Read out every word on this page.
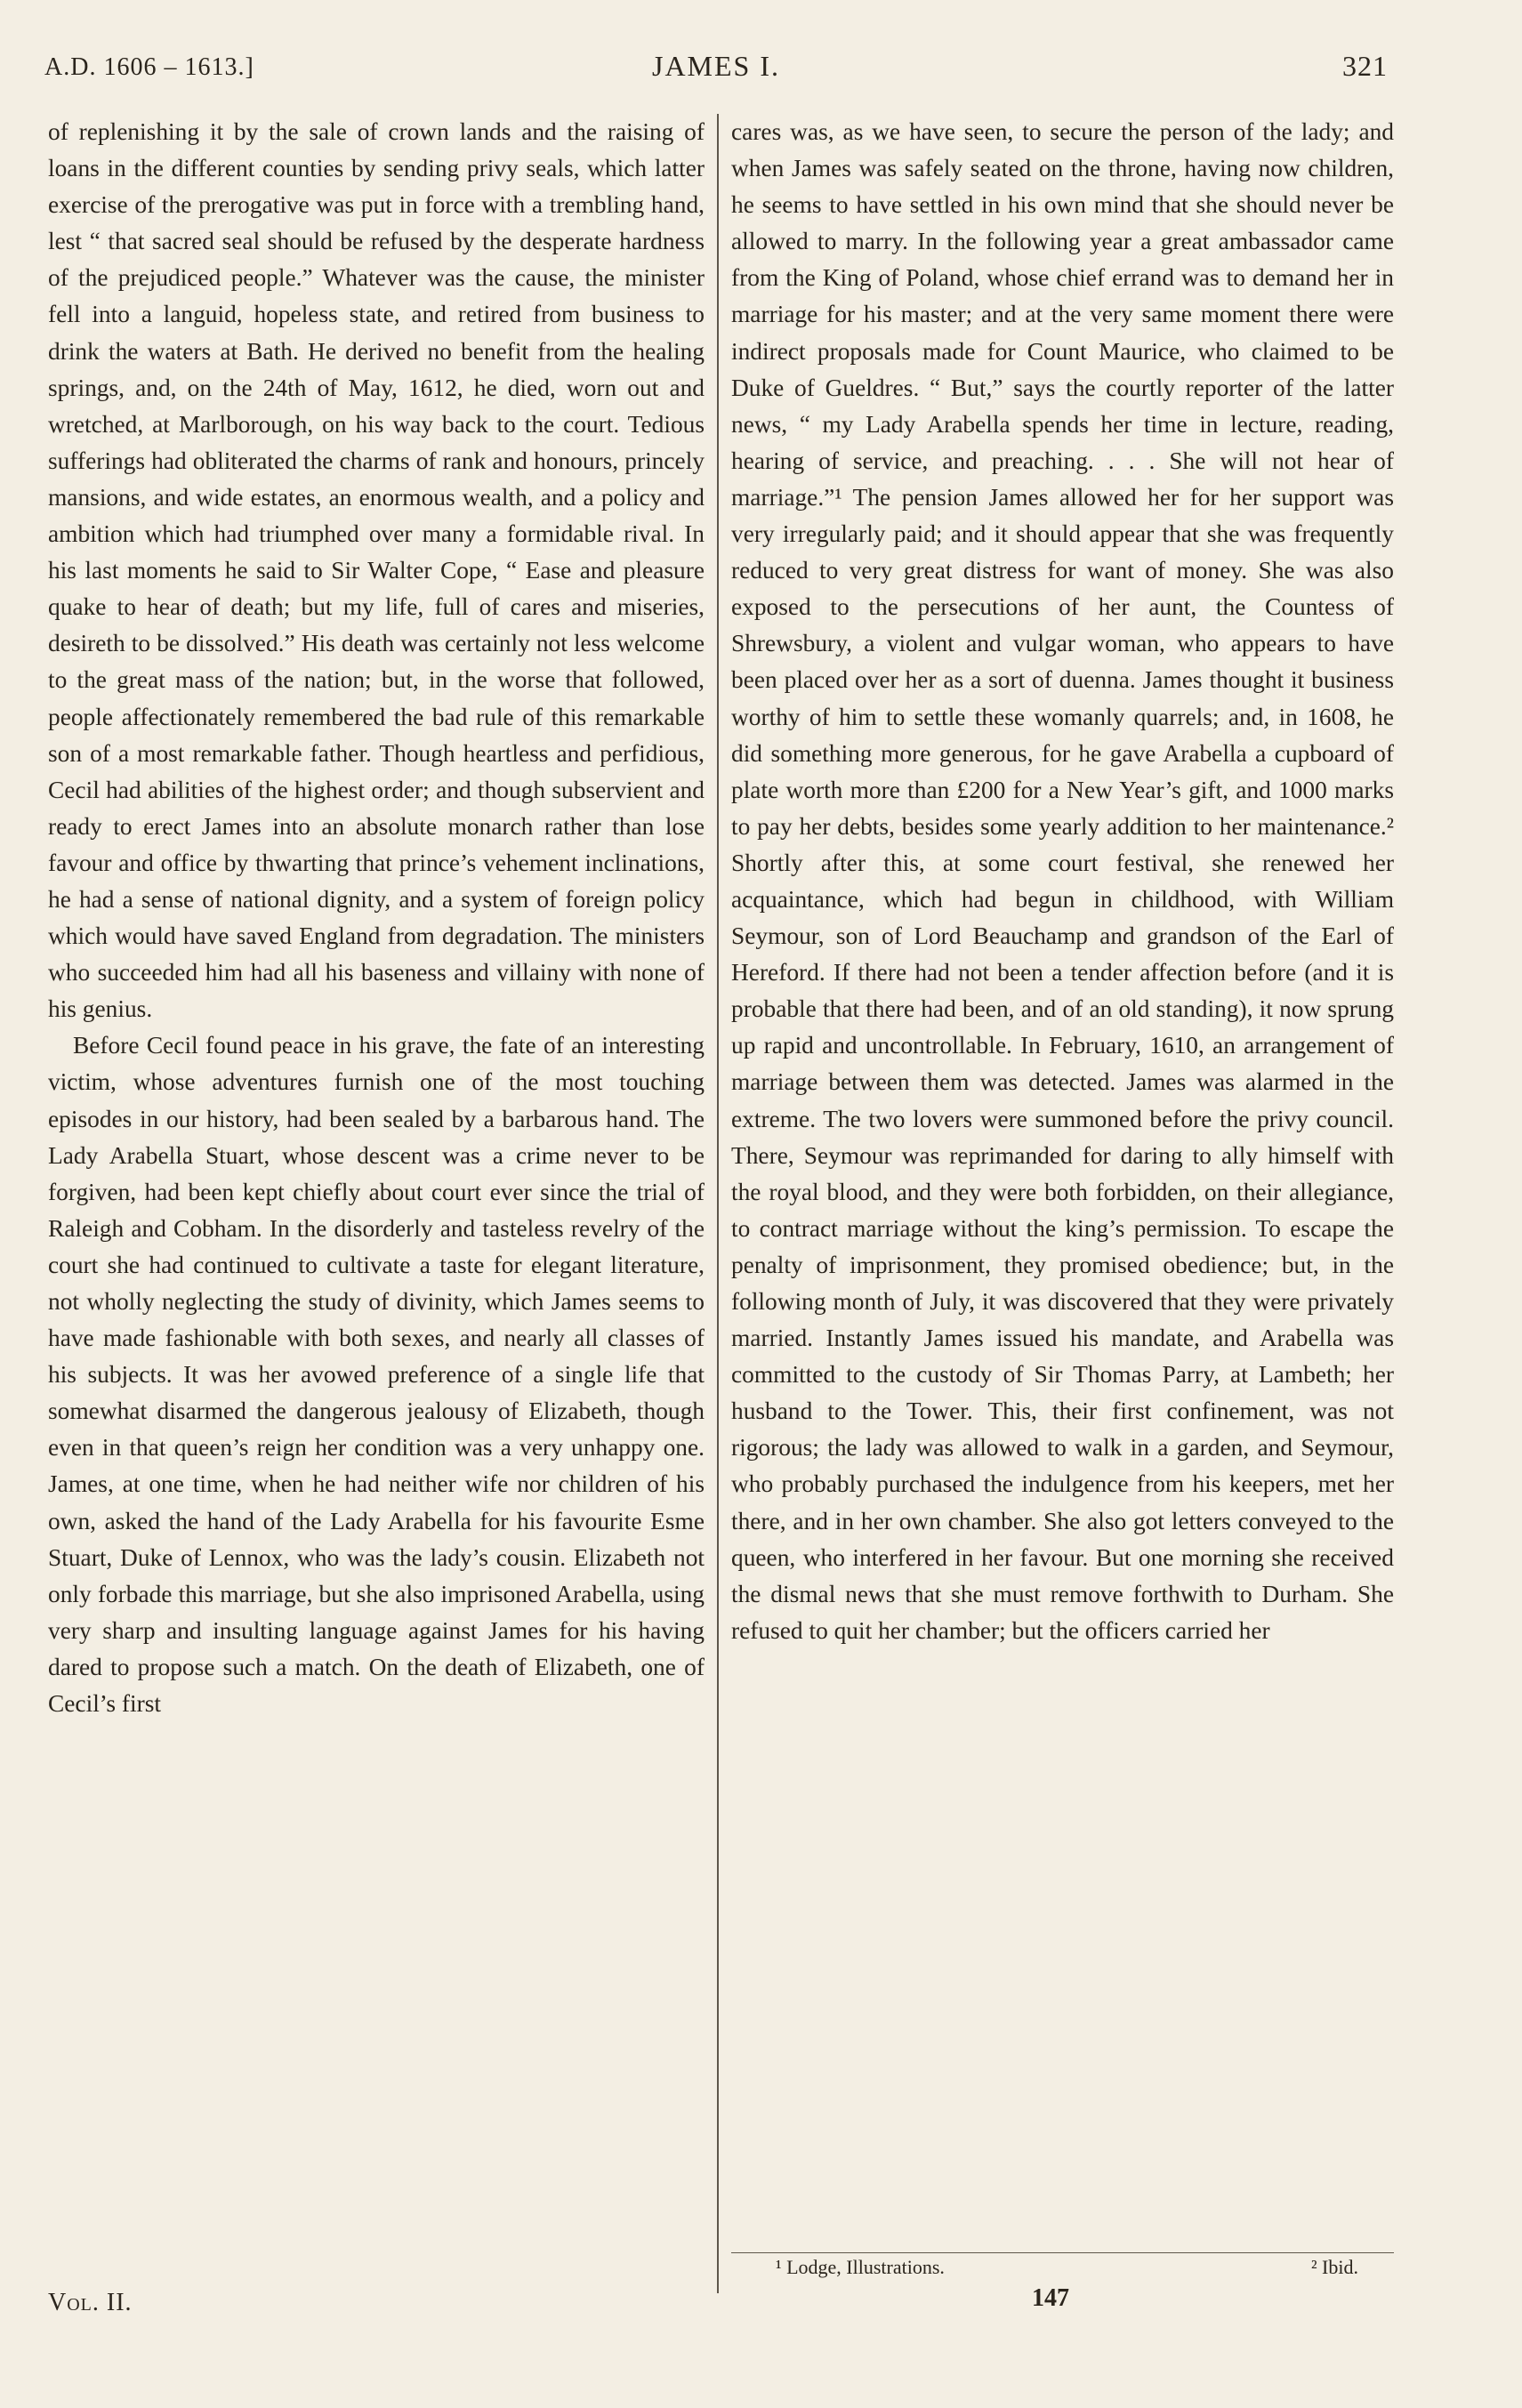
A.D. 1606 – 1613.]	JAMES I.	321

of replenishing it by the sale of crown lands and the raising of loans in the different counties by sending privy seals, which latter exercise of the prerogative was put in force with a trembling hand, lest “ that sacred seal should be refused by the desperate hardness of the prejudiced people.” Whatever was the cause, the minister fell into a languid, hopeless state, and retired from business to drink the waters at Bath. He derived no benefit from the healing springs, and, on the 24th of May, 1612, he died, worn out and wretched, at Marlborough, on his way back to the court. Tedious sufferings had obliterated the charms of rank and honours, princely mansions, and wide estates, an enormous wealth, and a policy and ambition which had triumphed over many a formidable rival. In his last moments he said to Sir Walter Cope, “ Ease and pleasure quake to hear of death; but my life, full of cares and miseries, desireth to be dissolved.” His death was certainly not less welcome to the great mass of the nation; but, in the worse that followed, people affectionately remembered the bad rule of this remarkable son of a most remarkable father. Though heartless and perfidious, Cecil had abilities of the highest order; and though subservient and ready to erect James into an absolute monarch rather than lose favour and office by thwarting that prince’s vehement inclinations, he had a sense of national dignity, and a system of foreign policy which would have saved England from degradation. The ministers who succeeded him had all his baseness and villainy with none of his genius.

Before Cecil found peace in his grave, the fate of an interesting victim, whose adventures furnish one of the most touching episodes in our history, had been sealed by a barbarous hand. The Lady Arabella Stuart, whose descent was a crime never to be forgiven, had been kept chiefly about court ever since the trial of Raleigh and Cobham. In the disorderly and tasteless revelry of the court she had continued to cultivate a taste for elegant literature, not wholly neglecting the study of divinity, which James seems to have made fashionable with both sexes, and nearly all classes of his subjects. It was her avowed preference of a single life that somewhat disarmed the dangerous jealousy of Elizabeth, though even in that queen’s reign her condition was a very unhappy one. James, at one time, when he had neither wife nor children of his own, asked the hand of the Lady Arabella for his favourite Esme Stuart, Duke of Lennox, who was the lady’s cousin. Elizabeth not only forbade this marriage, but she also imprisoned Arabella, using very sharp and insulting language against James for his having dared to propose such a match. On the death of Elizabeth, one of Cecil’s first

cares was, as we have seen, to secure the person of the lady; and when James was safely seated on the throne, having now children, he seems to have settled in his own mind that she should never be allowed to marry. In the following year a great ambassador came from the King of Poland, whose chief errand was to demand her in marriage for his master; and at the very same moment there were indirect proposals made for Count Maurice, who claimed to be Duke of Gueldres. “ But,” says the courtly reporter of the latter news, “ my Lady Arabella spends her time in lecture, reading, hearing of service, and preaching. . . . She will not hear of marriage.”¹ The pension James allowed her for her support was very irregularly paid; and it should appear that she was frequently reduced to very great distress for want of money. She was also exposed to the persecutions of her aunt, the Countess of Shrewsbury, a violent and vulgar woman, who appears to have been placed over her as a sort of duenna. James thought it business worthy of him to settle these womanly quarrels; and, in 1608, he did something more generous, for he gave Arabella a cupboard of plate worth more than £200 for a New Year’s gift, and 1000 marks to pay her debts, besides some yearly addition to her maintenance.² Shortly after this, at some court festival, she renewed her acquaintance, which had begun in childhood, with William Seymour, son of Lord Beauchamp and grandson of the Earl of Hereford. If there had not been a tender affection before (and it is probable that there had been, and of an old standing), it now sprung up rapid and uncontrollable. In February, 1610, an arrangement of marriage between them was detected. James was alarmed in the extreme. The two lovers were summoned before the privy council. There, Seymour was reprimanded for daring to ally himself with the royal blood, and they were both forbidden, on their allegiance, to contract marriage without the king’s permission. To escape the penalty of imprisonment, they promised obedience; but, in the following month of July, it was discovered that they were privately married. Instantly James issued his mandate, and Arabella was committed to the custody of Sir Thomas Parry, at Lambeth; her husband to the Tower. This, their first confinement, was not rigorous; the lady was allowed to walk in a garden, and Seymour, who probably purchased the indulgence from his keepers, met her there, and in her own chamber. She also got letters conveyed to the queen, who interfered in her favour. But one morning she received the dismal news that she must remove forthwith to Durham. She refused to quit her chamber; but the officers carried her

Vol. II.
¹ Lodge, Illustrations.	² Ibid.
147
